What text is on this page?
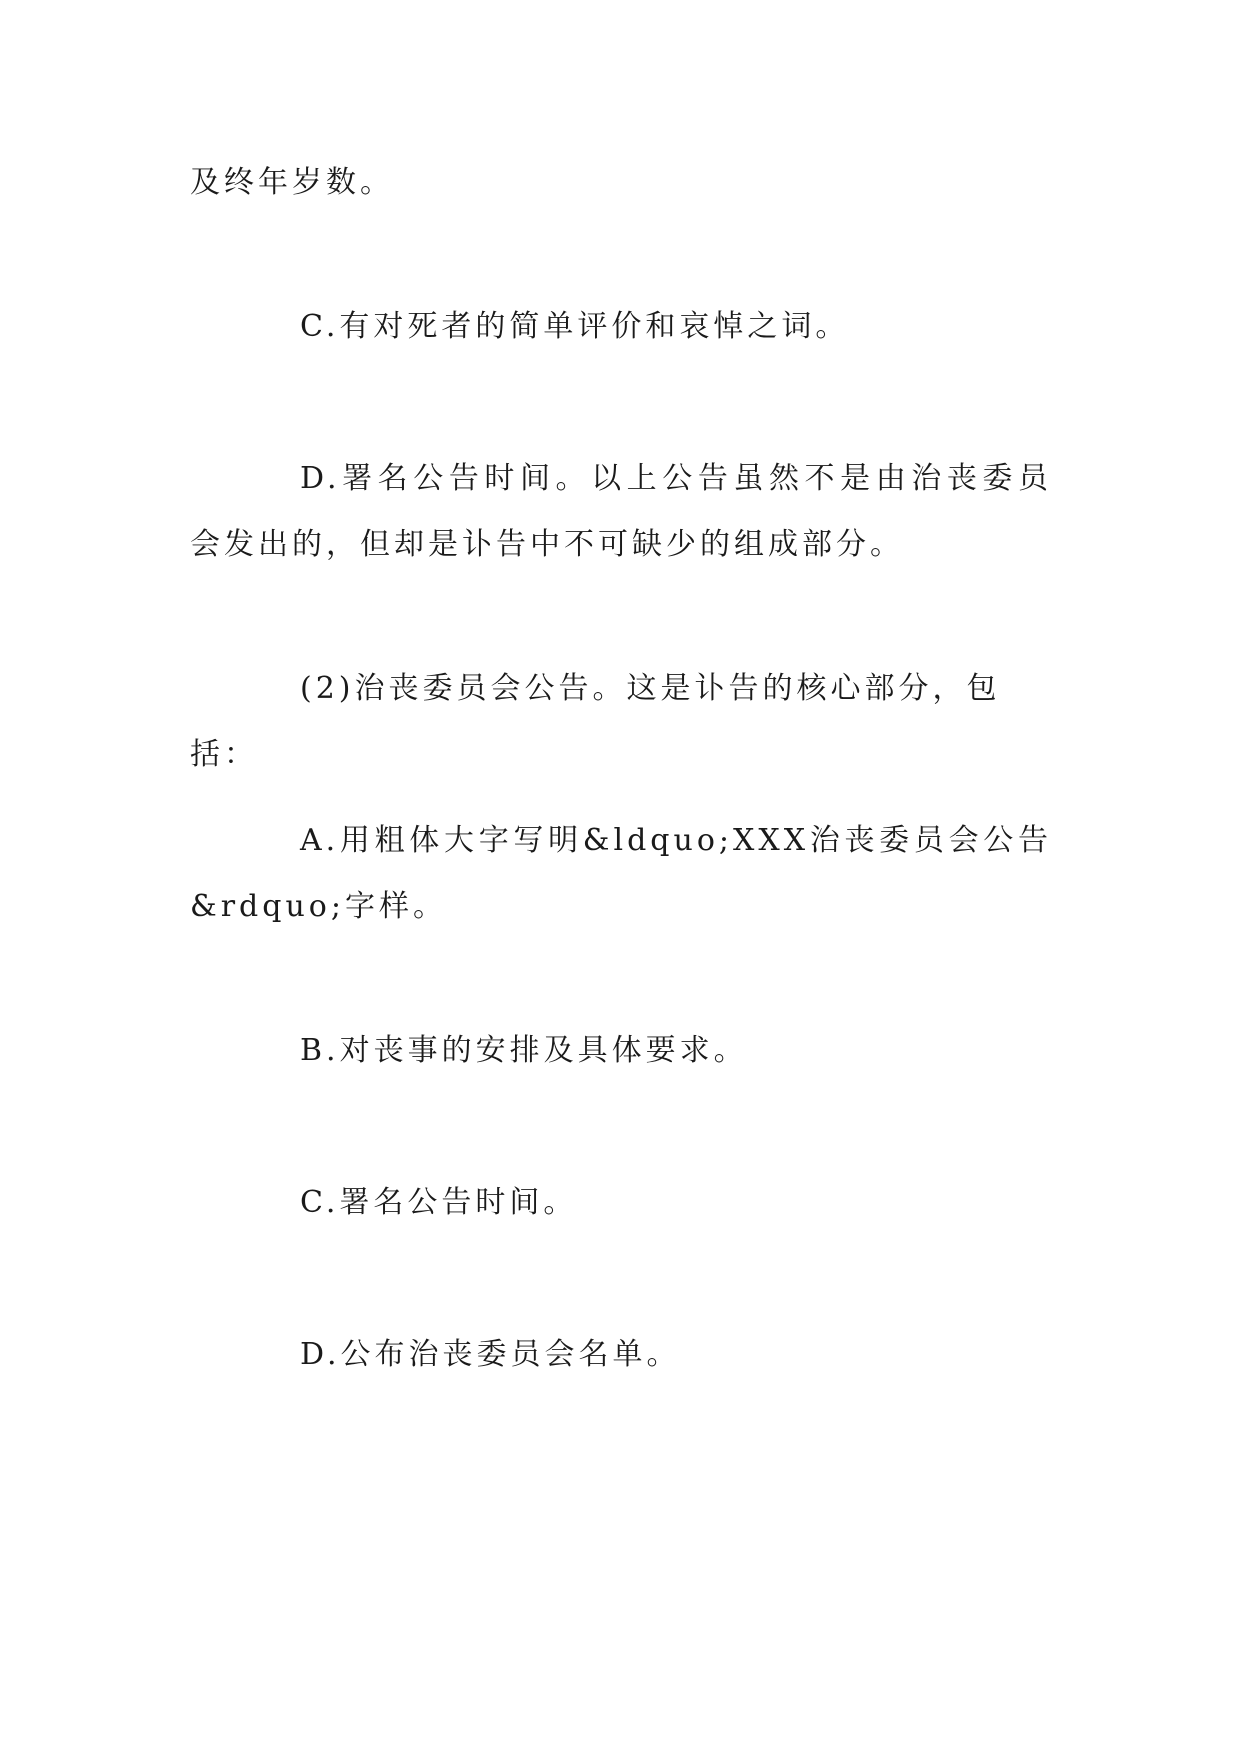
及终年岁数。

C.有对死者的简单评价和哀悼之词。

D.署名公告时间。以上公告虽然不是由治丧委员会发出的，但却是讣告中不可缺少的组成部分。

(2)治丧委员会公告。这是讣告的核心部分，包括：

A.用粗体大字写明&ldquo;XXX治丧委员会公告&rdquo;字样。

B.对丧事的安排及具体要求。

C.署名公告时间。

D.公布治丧委员会名单。
